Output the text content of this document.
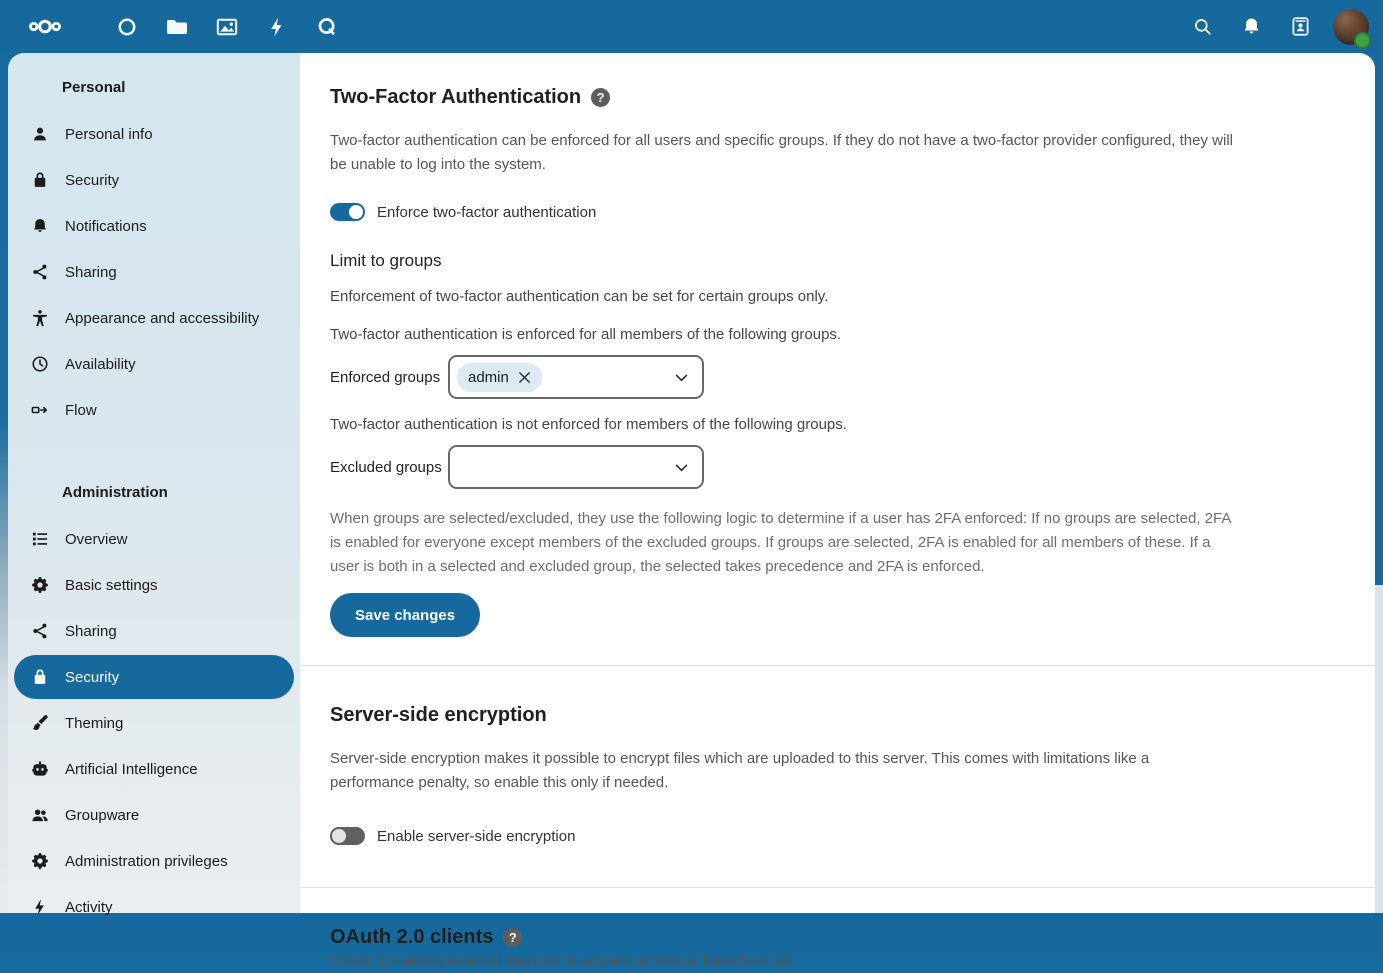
Personal
Personal info
Security
Notifications
Sharing
Appearance and accessibility
Availability
Flow
Administration
Overview
Basic settings
Sharing
Security
Theming
Artificial Intelligence
Groupware
Administration privileges
Activity
Two-Factor Authentication	?

Two-factor authentication can be enforced for all users and specific groups. If they do not have a two-factor provider configured, they will be unable to log into the system.

Enforce two-factor authentication
Limit to groups

Enforcement of two-factor authentication can be set for certain groups only.

Two-factor authentication is enforced for all members of the following groups.

Enforced groups	admin

Two-factor authentication is not enforced for members of the following groups.

Excluded groups

When groups are selected/excluded, they use the following logic to determine if a user has 2FA enforced: If no groups are selected, 2FA is enabled for everyone except members of the excluded groups. If groups are selected, 2FA is enabled for all members of these. If a user is both in a selected and excluded group, the selected takes precedence and 2FA is enforced.

Save changes
Server-side encryption

Server-side encryption makes it possible to encrypt files which are uploaded to this server. This comes with limitations like a performance penalty, so enable this only if needed.

Enable server-side encryption
OAuth 2.0 clients	?

OAuth 2.0 allows external services to request access to Nextcloud 28.
